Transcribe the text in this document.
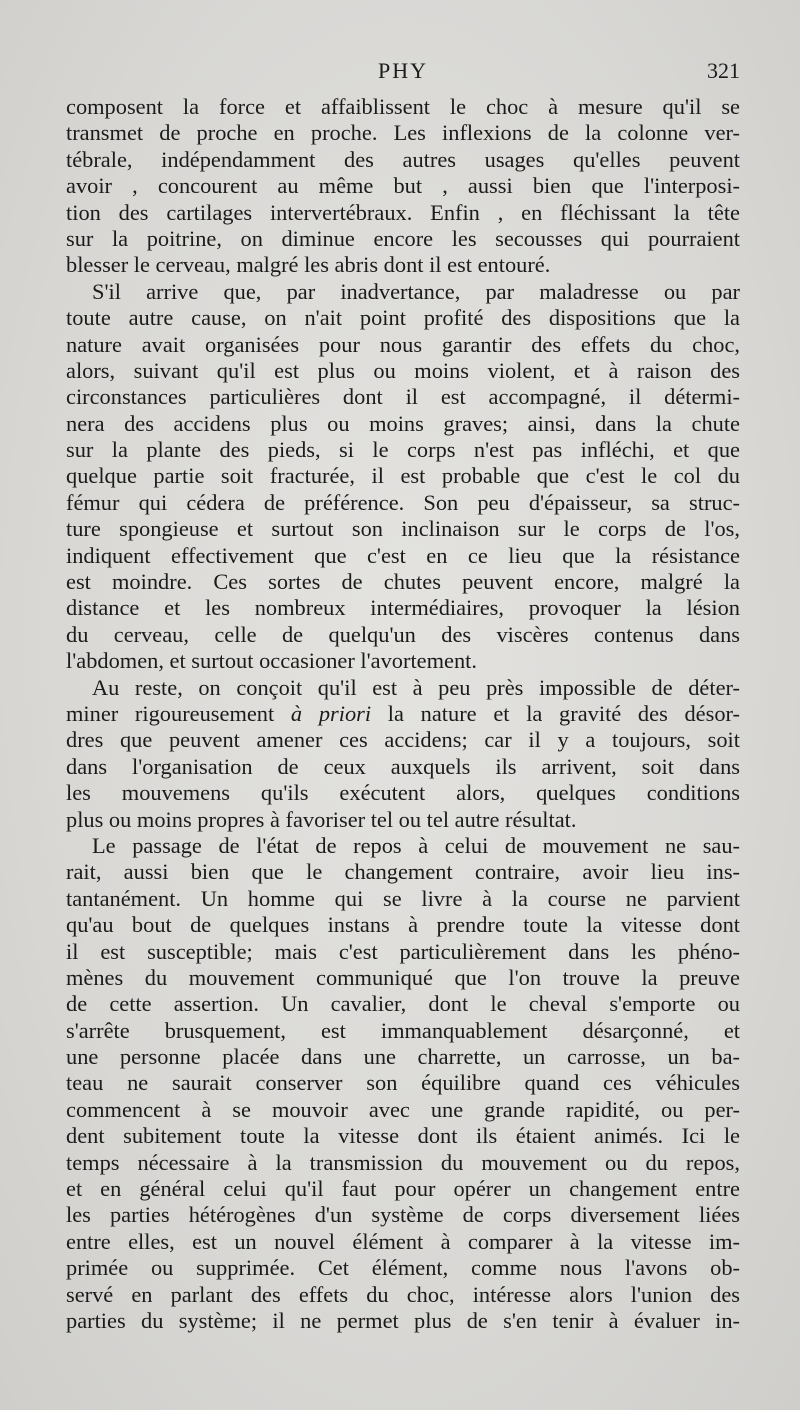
PHY	321
composent la force et affaiblissent le choc à mesure qu'il se
transmet de proche en proche. Les inflexions de la colonne ver-
tébrale, indépendamment des autres usages qu'elles peuvent
avoir , concourent au même but , aussi bien que l'interposi-
tion des cartilages intervertébraux. Enfin , en fléchissant la tête
sur la poitrine, on diminue encore les secousses qui pourraient
blesser le cerveau, malgré les abris dont il est entouré.
S'il arrive que, par inadvertance, par maladresse ou par
toute autre cause, on n'ait point profité des dispositions que la
nature avait organisées pour nous garantir des effets du choc,
alors, suivant qu'il est plus ou moins violent, et à raison des
circonstances particulières dont il est accompagné, il détermi-
nera des accidens plus ou moins graves; ainsi, dans la chute
sur la plante des pieds, si le corps n'est pas infléchi, et que
quelque partie soit fracturée, il est probable que c'est le col du
fémur qui cédera de préférence. Son peu d'épaisseur, sa struc-
ture spongieuse et surtout son inclinaison sur le corps de l'os,
indiquent effectivement que c'est en ce lieu que la résistance
est moindre. Ces sortes de chutes peuvent encore, malgré la
distance et les nombreux intermédiaires, provoquer la lésion
du cerveau, celle de quelqu'un des viscères contenus dans
l'abdomen, et surtout occasioner l'avortement.
Au reste, on conçoit qu'il est à peu près impossible de déter-
miner rigoureusement à priori la nature et la gravité des désor-
dres que peuvent amener ces accidens; car il y a toujours, soit
dans l'organisation de ceux auxquels ils arrivent, soit dans
les mouvemens qu'ils exécutent alors, quelques conditions
plus ou moins propres à favoriser tel ou tel autre résultat.
Le passage de l'état de repos à celui de mouvement ne sau-
rait, aussi bien que le changement contraire, avoir lieu ins-
tantanément. Un homme qui se livre à la course ne parvient
qu'au bout de quelques instans à prendre toute la vitesse dont
il est susceptible; mais c'est particulièrement dans les phéno-
mènes du mouvement communiqué que l'on trouve la preuve
de cette assertion. Un cavalier, dont le cheval s'emporte ou
s'arrête brusquement, est immanquablement désarçonné, et
une personne placée dans une charrette, un carrosse, un ba-
teau ne saurait conserver son équilibre quand ces véhicules
commencent à se mouvoir avec une grande rapidité, ou per-
dent subitement toute la vitesse dont ils étaient animés. Ici le
temps nécessaire à la transmission du mouvement ou du repos,
et en général celui qu'il faut pour opérer un changement entre
les parties hétérogènes d'un système de corps diversement liées
entre elles, est un nouvel élément à comparer à la vitesse im-
primée ou supprimée. Cet élément, comme nous l'avons ob-
servé en parlant des effets du choc, intéresse alors l'union des
parties du système; il ne permet plus de s'en tenir à évaluer in-
